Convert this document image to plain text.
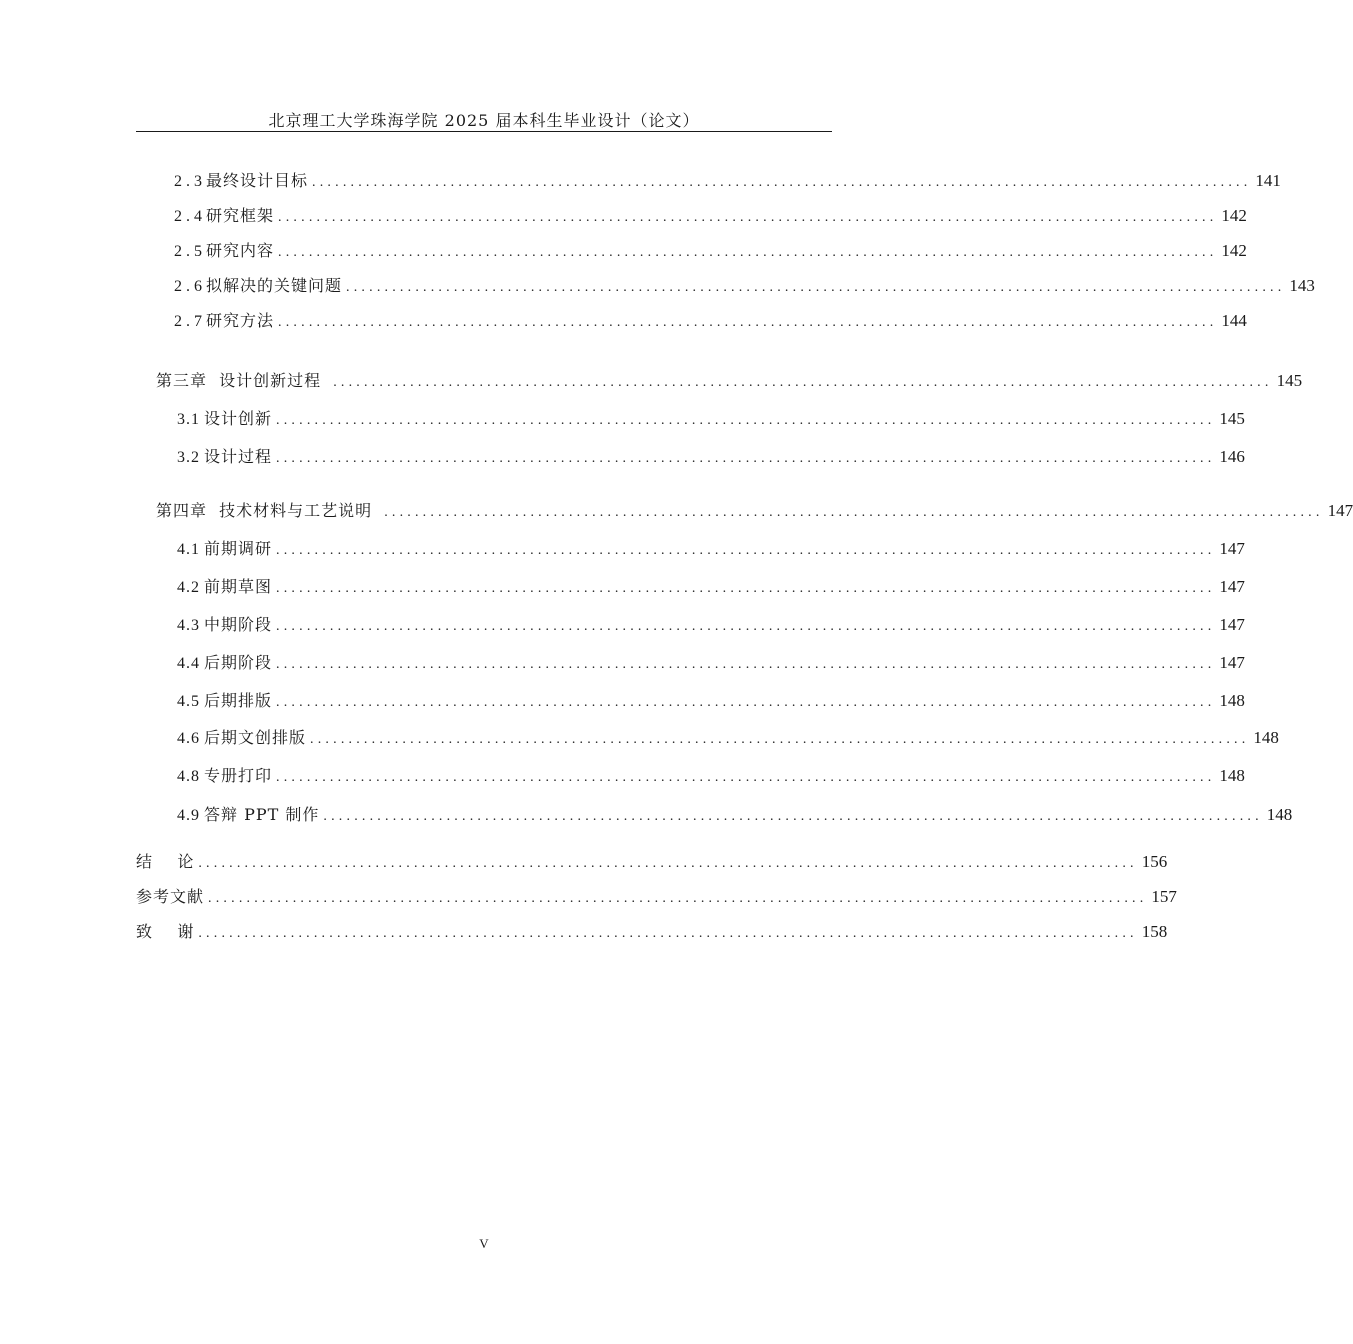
北京理工大学珠海学院 2025 届本科生毕业设计（论文）
2.3 最终设计目标 .......................................................................................................................... 141
2.4 研究框架 .......................................................................................................................... 142
2.5 研究内容 .......................................................................................................................... 142
2.6 拟解决的关键问题 .......................................................................................................................... 143
2.7 研究方法 .......................................................................................................................... 144
第三章  设计创新过程 .......................................................................................................................... 145
3.1 设计创新 .......................................................................................................................... 145
3.2 设计过程 .......................................................................................................................... 146
第四章  技术材料与工艺说明 .......................................................................................................................... 147
4.1 前期调研 .......................................................................................................................... 147
4.2 前期草图 .......................................................................................................................... 147
4.3 中期阶段 .......................................................................................................................... 147
4.4 后期阶段 .......................................................................................................................... 147
4.5 后期排版 .......................................................................................................................... 148
4.6 后期文创排版 .......................................................................................................................... 148
4.8 专册打印 .......................................................................................................................... 148
4.9 答辩 PPT 制作 .......................................................................................................................... 148
结    论 .......................................................................................................................... 156
参考文献 .......................................................................................................................... 157
致    谢 .......................................................................................................................... 158
V
